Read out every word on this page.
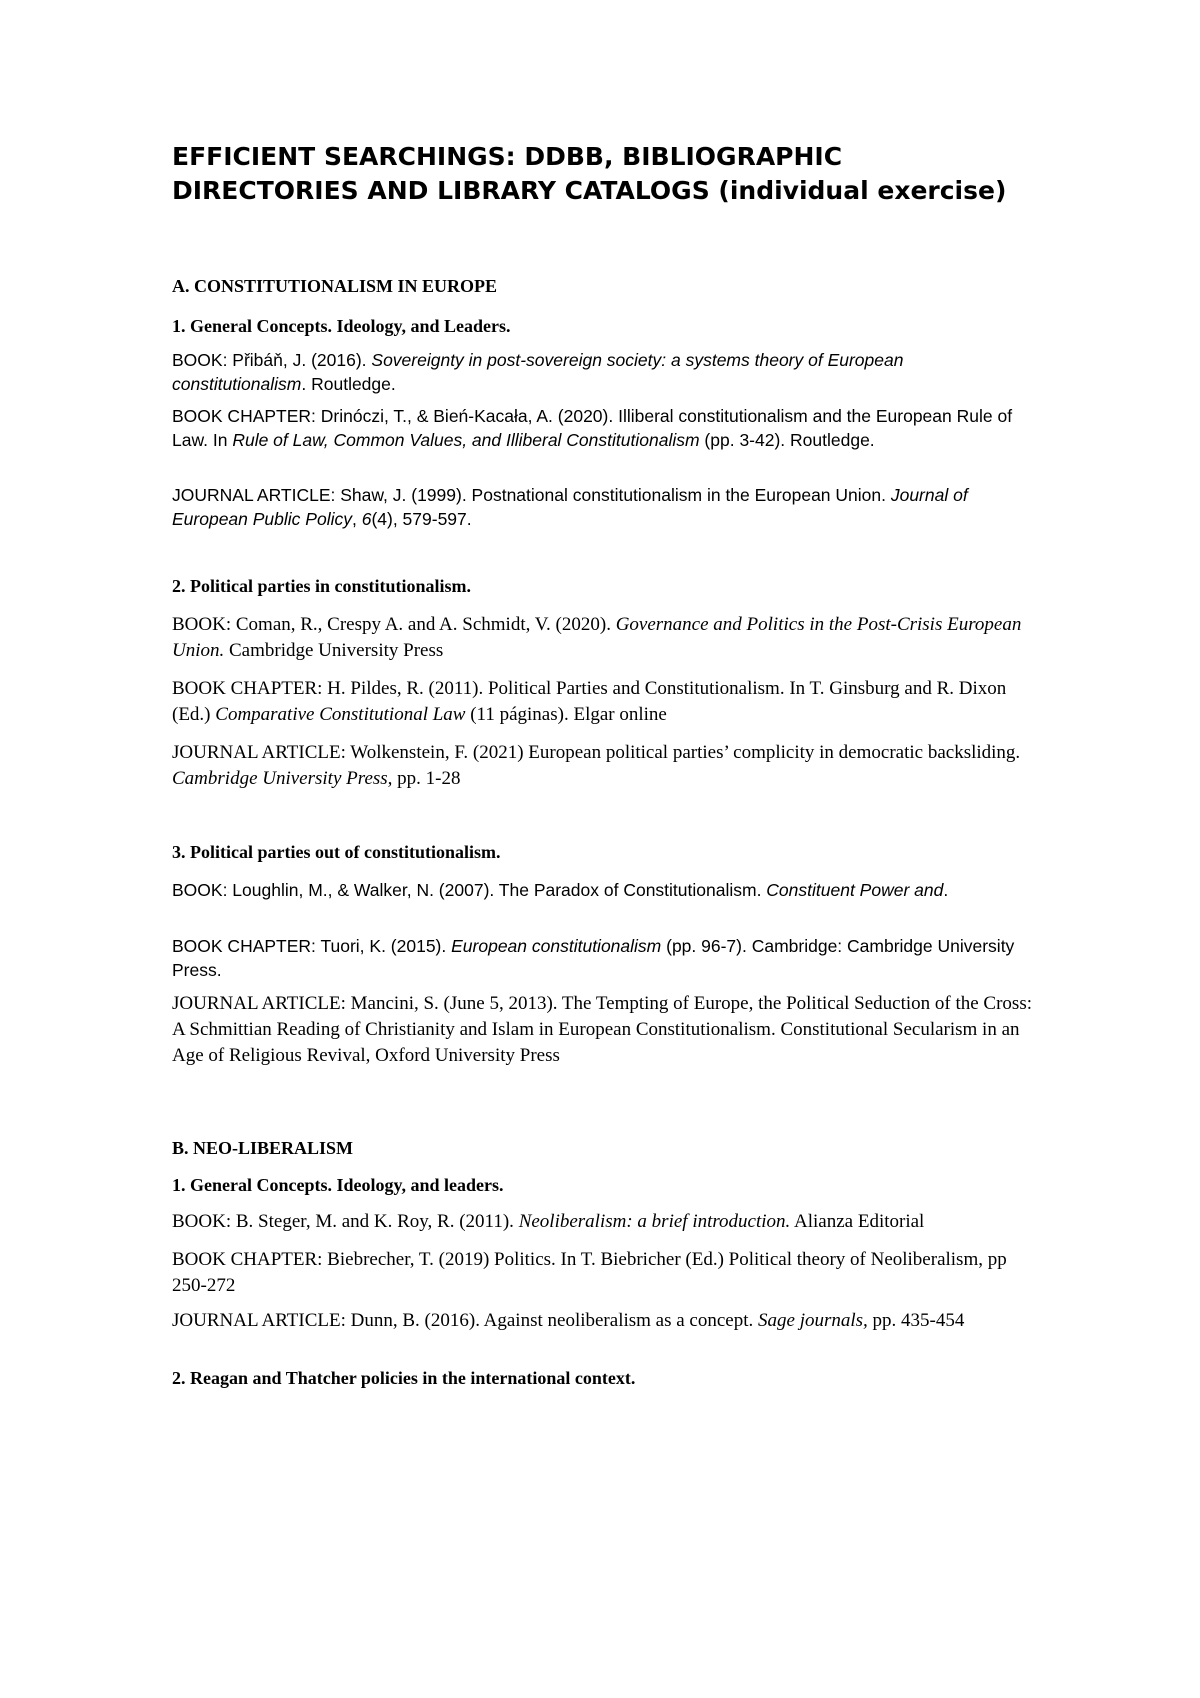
EFFICIENT SEARCHINGS: DDBB, BIBLIOGRAPHIC DIRECTORIES AND LIBRARY CATALOGS (individual exercise)
A. CONSTITUTIONALISM IN EUROPE
1. General Concepts. Ideology, and Leaders.

BOOK: Přibáň, J. (2016). Sovereignty in post-sovereign society: a systems theory of European constitutionalism. Routledge.

BOOK CHAPTER: Drinóczi, T., & Bień-Kacała, A. (2020). Illiberal constitutionalism and the European Rule of Law. In Rule of Law, Common Values, and Illiberal Constitutionalism (pp. 3-42). Routledge.

JOURNAL ARTICLE: Shaw, J. (1999). Postnational constitutionalism in the European Union. Journal of European Public Policy, 6(4), 579-597.

2. Political parties in constitutionalism.

BOOK: Coman, R., Crespy A. and A. Schmidt, V. (2020). Governance and Politics in the Post-Crisis European Union. Cambridge University Press

BOOK CHAPTER: H. Pildes, R. (2011). Political Parties and Constitutionalism. In T. Ginsburg and R. Dixon (Ed.) Comparative Constitutional Law (11 páginas). Elgar online

JOURNAL ARTICLE: Wolkenstein, F. (2021) European political parties’ complicity in democratic backsliding. Cambridge University Press, pp. 1-28

3. Political parties out of constitutionalism.

BOOK: Loughlin, M., & Walker, N. (2007). The Paradox of Constitutionalism. Constituent Power and.

BOOK CHAPTER: Tuori, K. (2015). European constitutionalism (pp. 96-7). Cambridge: Cambridge University Press.

JOURNAL ARTICLE: Mancini, S. (June 5, 2013). The Tempting of Europe, the Political Seduction of the Cross: A Schmittian Reading of Christianity and Islam in European Constitutionalism. Constitutional Secularism in an Age of Religious Revival, Oxford University Press

B. NEO-LIBERALISM
1. General Concepts. Ideology, and leaders.

BOOK: B. Steger, M. and K. Roy, R. (2011). Neoliberalism: a brief introduction. Alianza Editorial

BOOK CHAPTER: Biebrecher, T. (2019) Politics. In T. Biebricher (Ed.) Political theory of Neoliberalism, pp 250-272

JOURNAL ARTICLE: Dunn, B. (2016). Against neoliberalism as a concept. Sage journals, pp. 435-454

2. Reagan and Thatcher policies in the international context.
